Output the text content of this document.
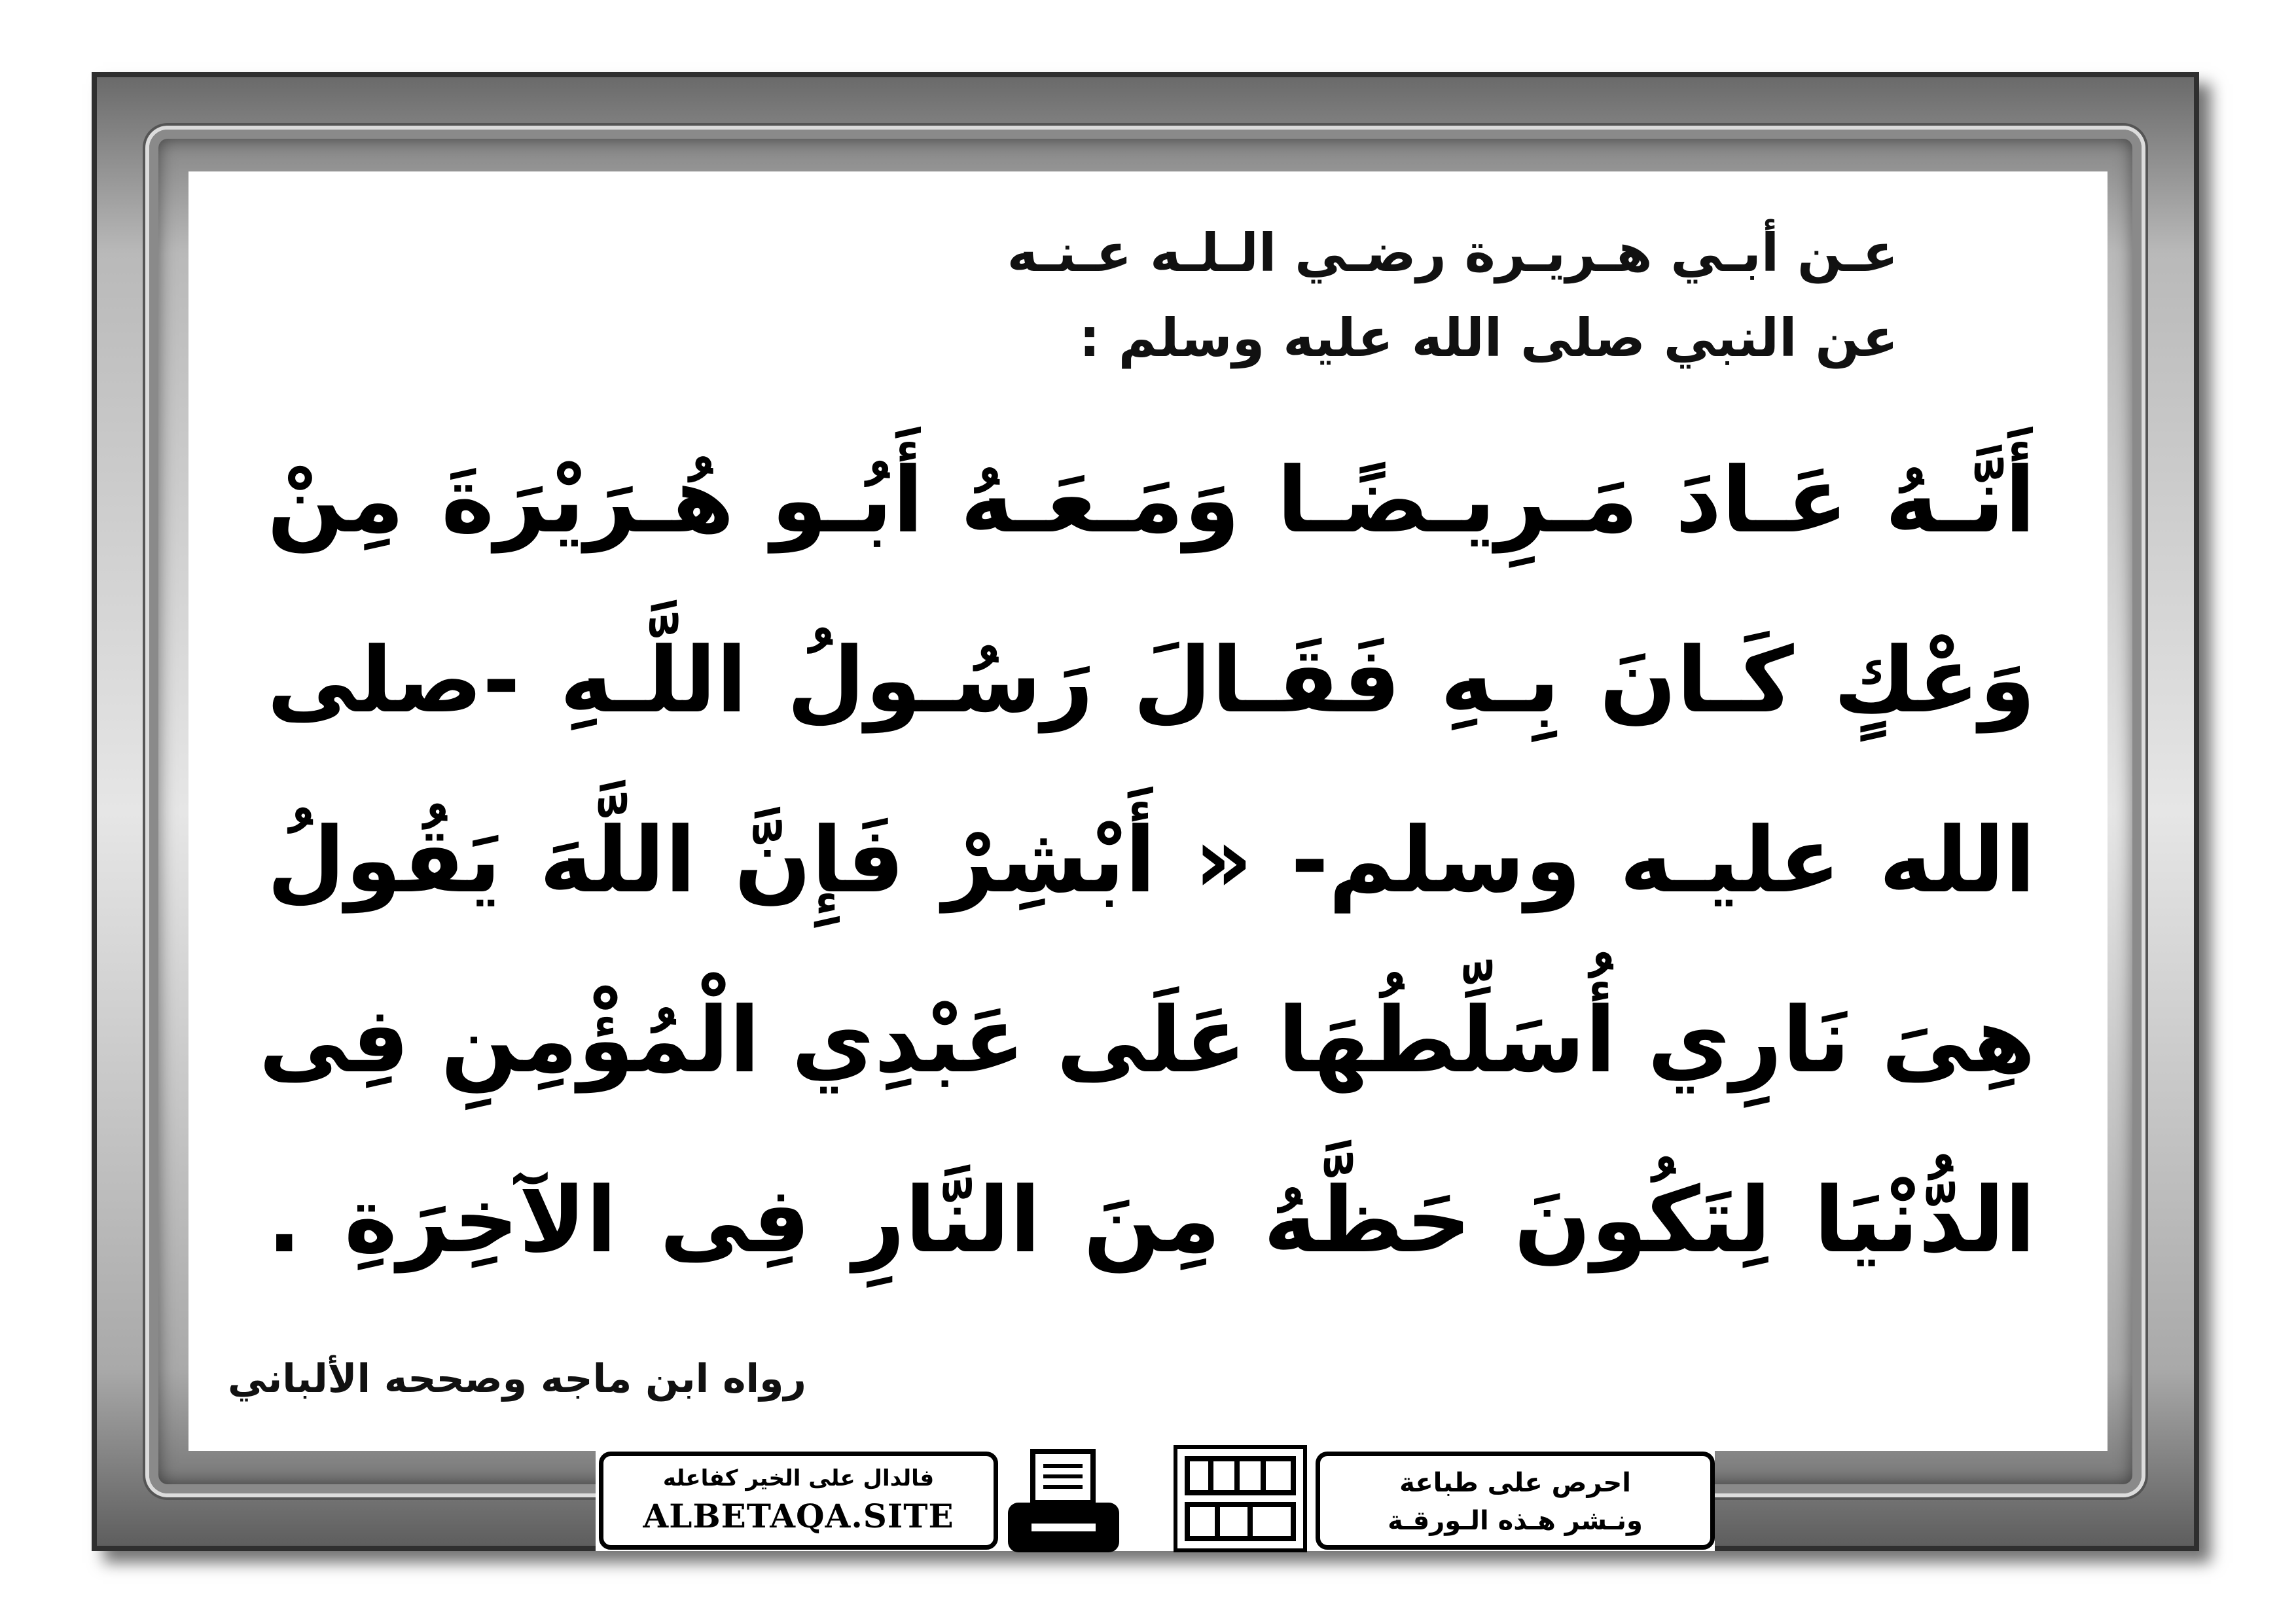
عـن أبـي هـريـرة رضـي الـلـه عـنـه
عن النبي صلى الله عليه وسلم :
أَنَّـهُ عَـادَ مَـرِيـضًـا وَمَـعَـهُ أَبُـو هُـرَيْرَةَ مِنْ
وَعْكٍ كَـانَ بِـهِ فَقَـالَ رَسُـولُ اللَّـهِ -صلى
الله عليـه وسلم- « أَبْشِرْ فَإِنَّ اللَّهَ يَقُولُ
هِىَ نَارِي أُسَلِّطُهَا عَلَى عَبْدِي الْمُؤْمِنِ فِى
الدُّنْيَا لِتَكُونَ حَظَّهُ مِنَ النَّارِ فِى الآخِرَةِ .
رواه ابن ماجه وصححه الألباني
فالدال على الخير كفاعله
ALBETAQA.SITE
احرص على طباعة
ونـشر هـذه الـورقـة
